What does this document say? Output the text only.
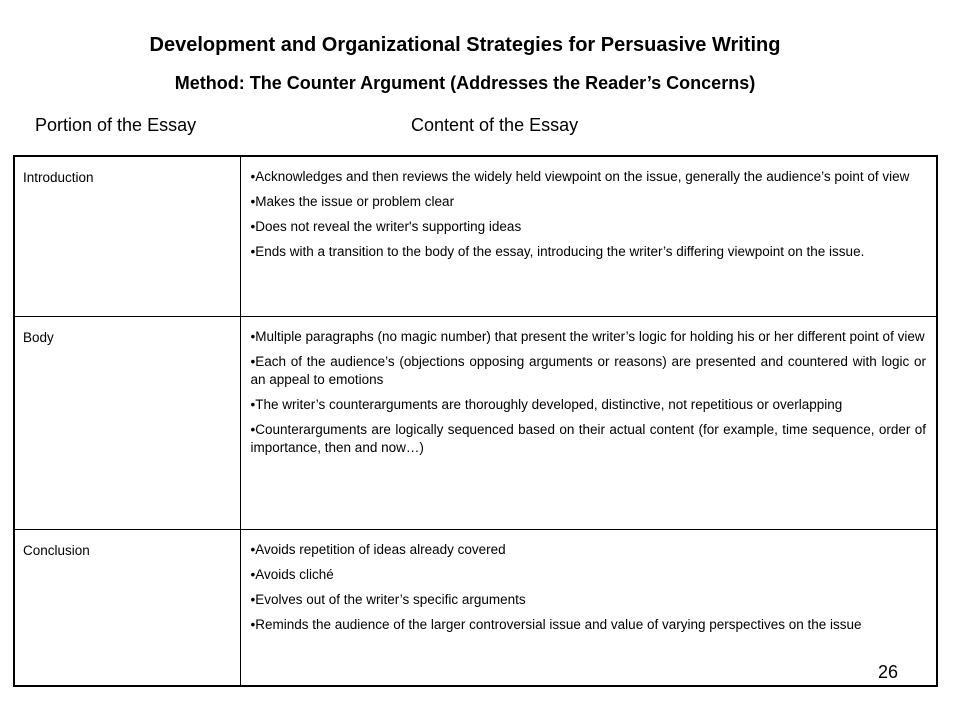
Development and Organizational Strategies for Persuasive Writing
Method: The Counter Argument (Addresses the Reader’s Concerns)
Portion of the Essay	Content of the Essay
Introduction	•Acknowledges and then reviews the widely held viewpoint on the issue, generally the audience’s point of view

•Makes the issue or problem clear

•Does not reveal the writer's supporting ideas

•Ends with a transition to the body of the essay, introducing the writer’s differing viewpoint on the issue.

Body	•Multiple paragraphs (no magic number) that present the writer’s logic for holding his or her different point of view

•Each of the audience’s (objections opposing arguments or reasons) are presented and countered with logic or an appeal to emotions

•The writer’s counterarguments are thoroughly developed, distinctive, not repetitious or overlapping

•Counterarguments are logically sequenced based on their actual content (for example, time sequence, order of importance, then and now…)

Conclusion	•Avoids repetition of ideas already covered

•Avoids cliché

•Evolves out of the writer’s specific arguments

•Reminds the audience of the larger controversial issue and value of varying perspectives on the issue

26
